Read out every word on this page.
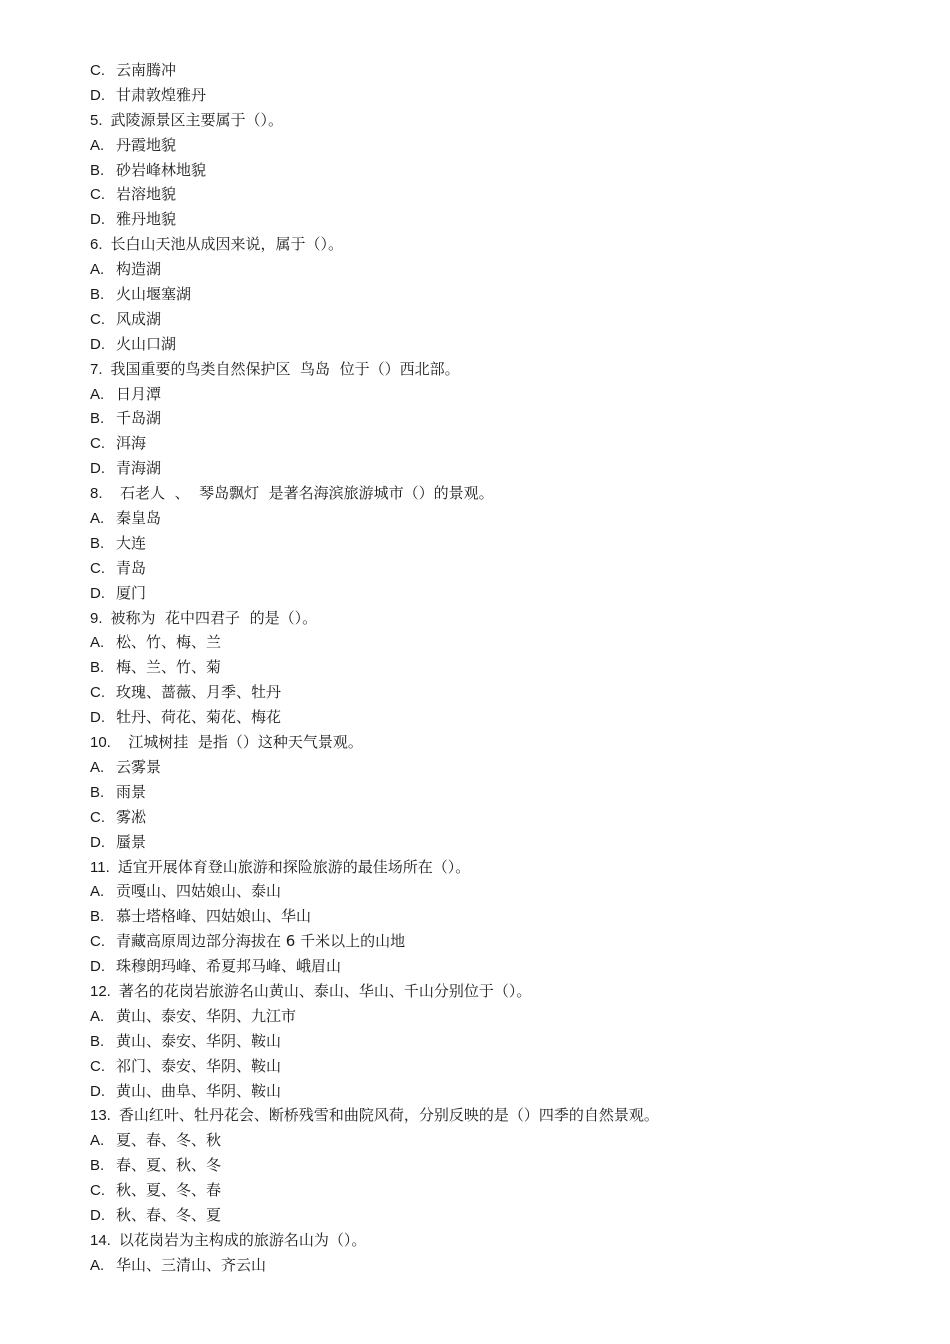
C. 云南腾冲
D. 甘肃敦煌雅丹
5. 武陵源景区主要属于（）。
A. 丹霞地貌
B. 砂岩峰林地貌
C. 岩溶地貌
D. 雅丹地貌
6. 长白山天池从成因来说，属于（）。
A. 构造湖
B. 火山堰塞湖
C. 风成湖
D. 火山口湖
7. 我国重要的鸟类自然保护区  鸟岛  位于（）西北部。
A. 日月潭
B. 千岛湖
C. 洱海
D. 青海湖
8.  石老人  、  琴岛飘灯  是著名海滨旅游城市（）的景观。
A. 秦皇岛
B. 大连
C. 青岛
D. 厦门
9. 被称为  花中四君子  的是（）。
A. 松、竹、梅、兰
B. 梅、兰、竹、菊
C. 玫瑰、蔷薇、月季、牡丹
D. 牡丹、荷花、菊花、梅花
10.  江城树挂  是指（）这种天气景观。
A. 云雾景
B. 雨景
C. 雾凇
D. 蜃景
11. 适宜开展体育登山旅游和探险旅游的最佳场所在（）。
A. 贡嘎山、四姑娘山、泰山
B. 慕士塔格峰、四姑娘山、华山
C. 青藏高原周边部分海拔在 6 千米以上的山地
D. 珠穆朗玛峰、希夏邦马峰、峨眉山
12. 著名的花岗岩旅游名山黄山、泰山、华山、千山分别位于（）。
A. 黄山、泰安、华阴、九江市
B. 黄山、泰安、华阴、鞍山
C. 祁门、泰安、华阴、鞍山
D. 黄山、曲阜、华阴、鞍山
13. 香山红叶、牡丹花会、断桥残雪和曲院风荷，分别反映的是（）四季的自然景观。
A. 夏、春、冬、秋
B. 春、夏、秋、冬
C. 秋、夏、冬、春
D. 秋、春、冬、夏
14. 以花岗岩为主构成的旅游名山为（）。
A. 华山、三清山、齐云山
